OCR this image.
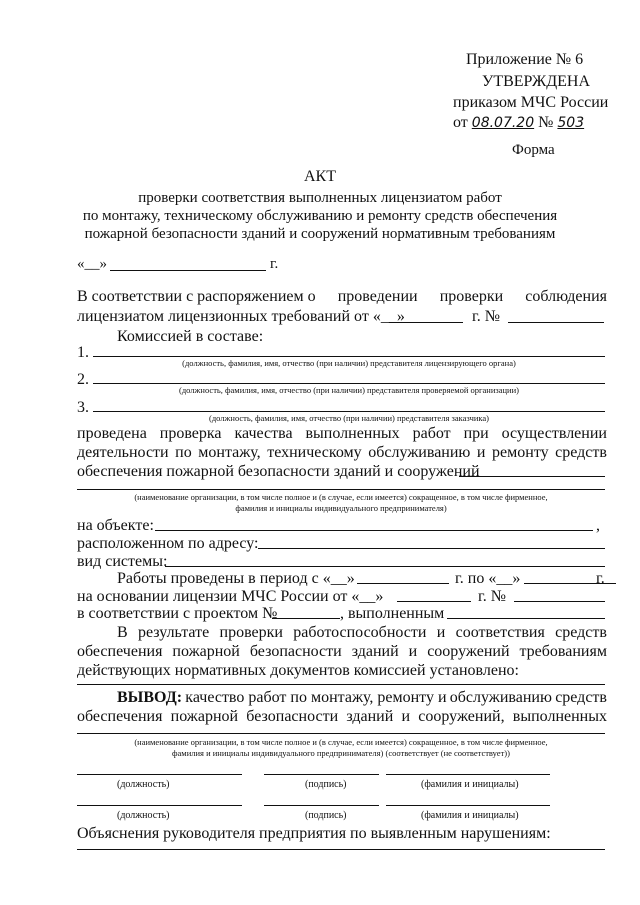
Приложение № 6
УТВЕРЖДЕНА
приказом МЧС России
от 08.07.20 № 503
Форма
АКТ
проверки соответствия выполненных лицензиатом работ
по монтажу, техническому обслуживанию и ремонту средств обеспечения
пожарной безопасности зданий и сооружений нормативным требованиям
«__»	г.
В соответствии с распоряжением о проведении проверки соблюдения
лицензиатом лицензионных требований от «__»	г. №
Комиссией в составе:
1.
(должность, фамилия, имя, отчество (при наличии) представителя лицензирующего органа)
2.
(должность, фамилия, имя, отчество (при наличии) представителя проверяемой организации)
3.
(должность, фамилия, имя, отчество (при наличии) представителя заказчика)
проведена проверка качества выполненных работ при осуществлении
деятельности по монтажу, техническому обслуживанию и ремонту средств
обеспечения пожарной безопасности зданий и сооружений
(наименование организации, в том числе полное и (в случае, если имеется) сокращенное, в том числе фирменное,
фамилия и инициалы индивидуального предпринимателя)
на объекте:	,
расположенном по адресу:
вид системы:
Работы проведены в период с «__»	г. по «__»	г.
на основании лицензии МЧС России от «__»	г. №
в соответствии с проектом №	, выполненным
В результате проверки работоспособности и соответствия средств
обеспечения пожарной безопасности зданий и сооружений требованиям
действующих нормативных документов комиссией установлено:
ВЫВОД: качество работ по монтажу, ремонту и обслуживанию средств
обеспечения пожарной безопасности зданий и сооружений, выполненных
(наименование организации, в том числе полное и (в случае, если имеется) сокращенное, в том числе фирменное,
фамилия и инициалы индивидуального предпринимателя) (соответствует (не соответствует))
(должность)	(подпись)	(фамилия и инициалы)
(должность)	(подпись)	(фамилия и инициалы)
Объяснения руководителя предприятия по выявленным нарушениям:
